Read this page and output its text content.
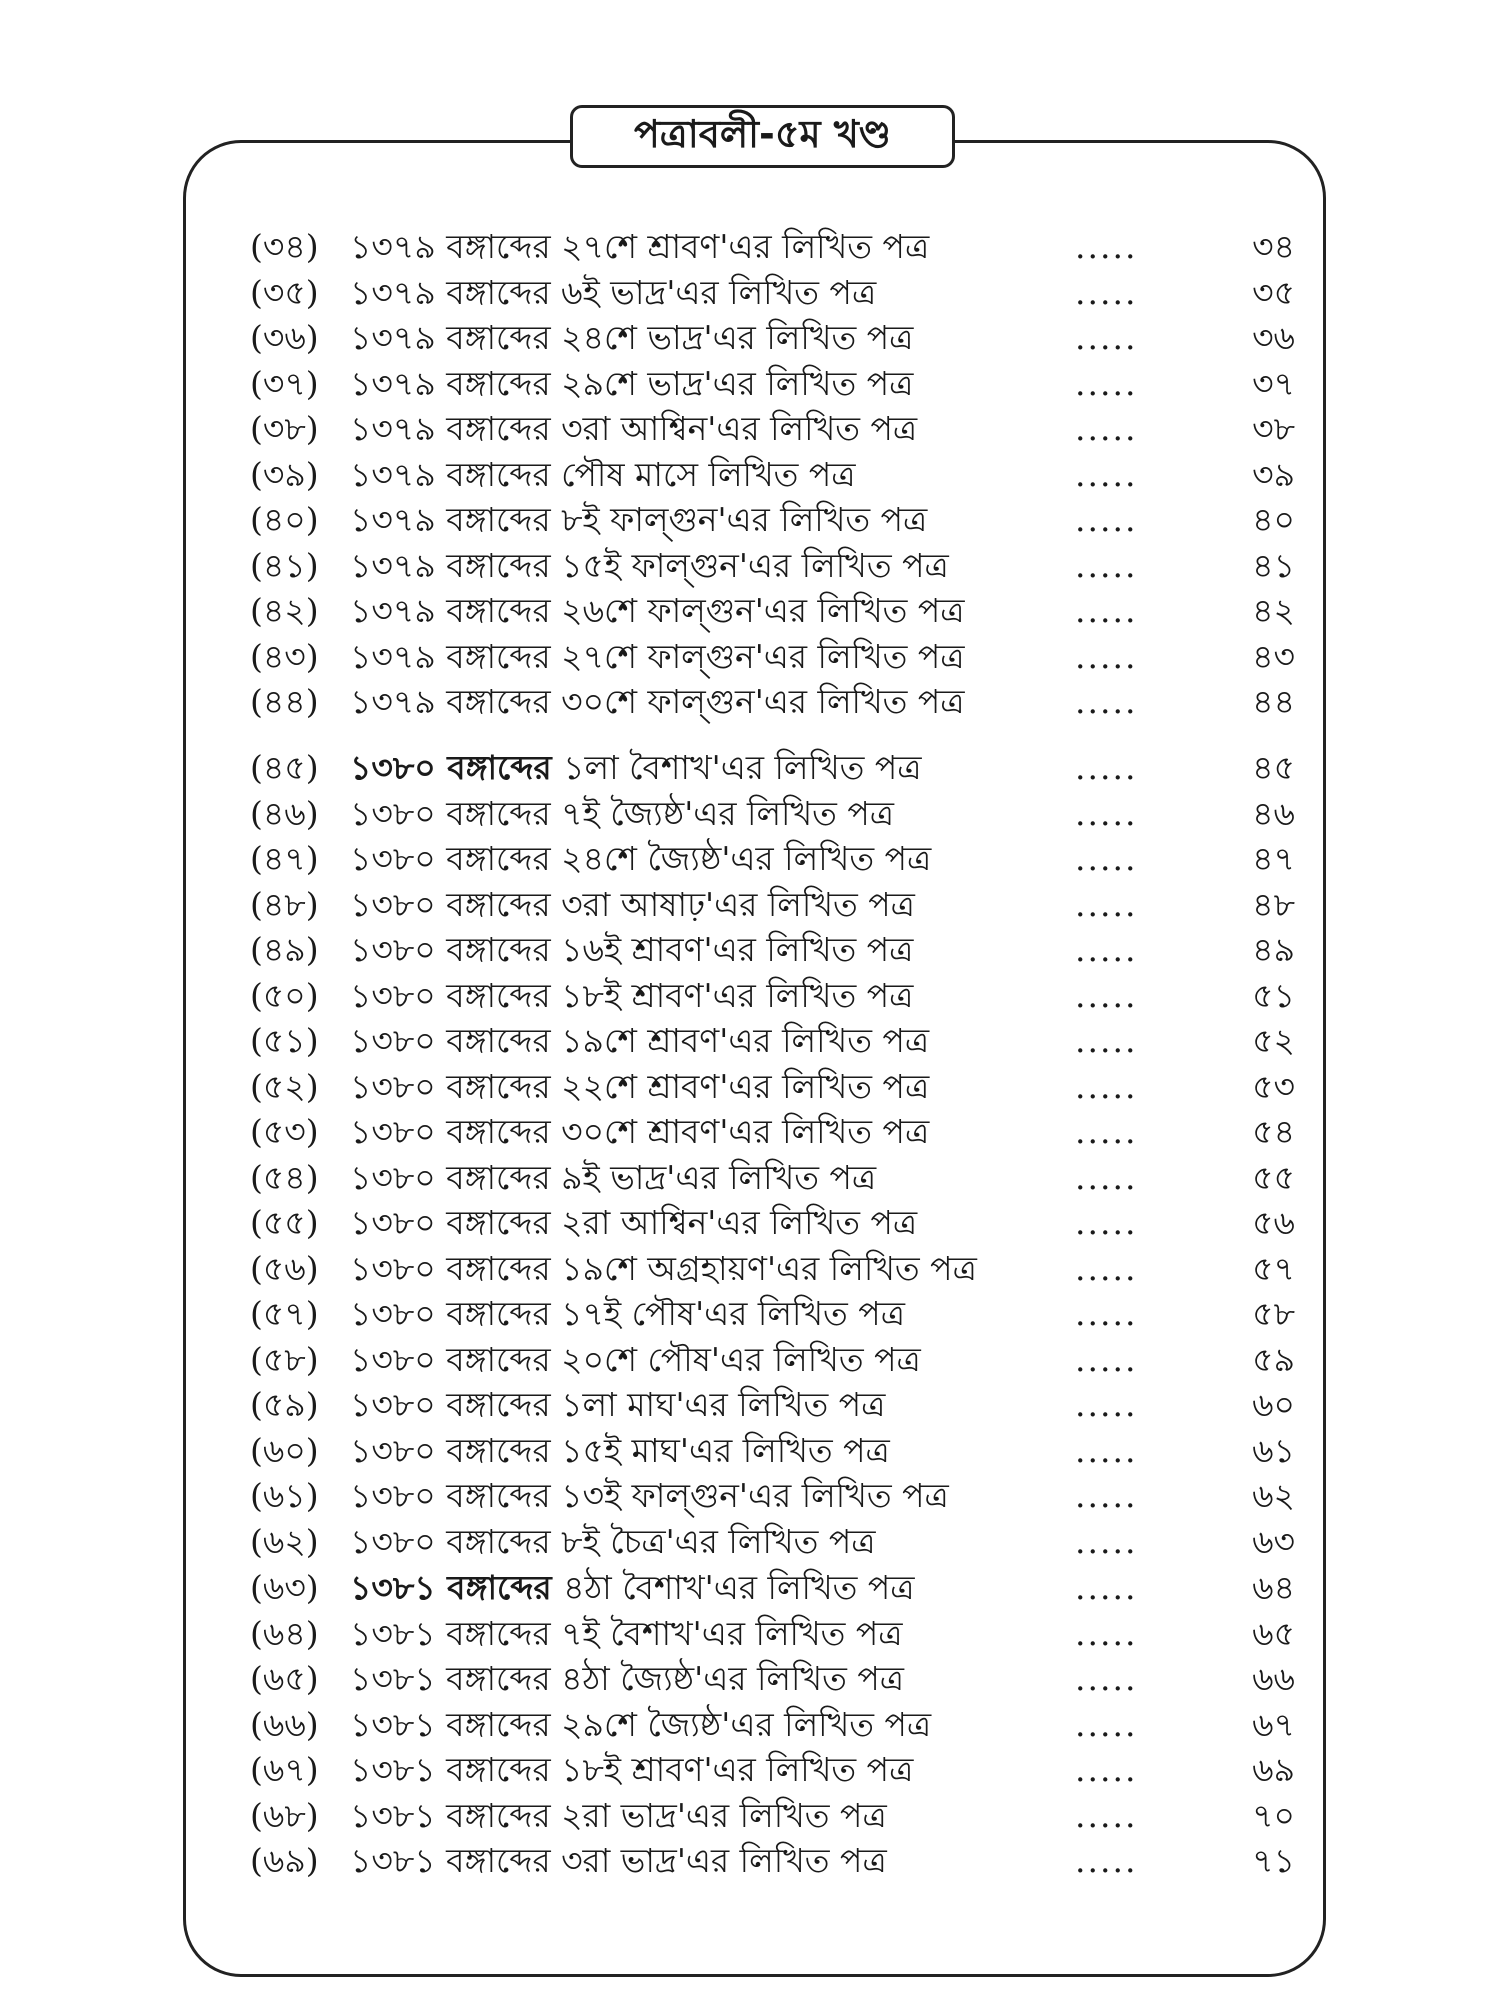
পত্রাবলী-৫ম খণ্ড
(৩৪) ১৩৭৯ বঙ্গাব্দের ২৭শে শ্রাবণ'এর লিখিত পত্র	.....	৩৪
(৩৫) ১৩৭৯ বঙ্গাব্দের ৬ই ভাদ্র'এর লিখিত পত্র	.....	৩৫
(৩৬) ১৩৭৯ বঙ্গাব্দের ২৪শে ভাদ্র'এর লিখিত পত্র	.....	৩৬
(৩৭) ১৩৭৯ বঙ্গাব্দের ২৯শে ভাদ্র'এর লিখিত পত্র	.....	৩৭
(৩৮) ১৩৭৯ বঙ্গাব্দের ৩রা আশ্বিন'এর লিখিত পত্র	.....	৩৮
(৩৯) ১৩৭৯ বঙ্গাব্দের পৌষ মাসে লিখিত পত্র	.....	৩৯
(৪০) ১৩৭৯ বঙ্গাব্দের ৮ই ফাল্গুন'এর লিখিত পত্র	.....	৪০
(৪১) ১৩৭৯ বঙ্গাব্দের ১৫ই ফাল্গুন'এর লিখিত পত্র	.....	৪১
(৪২) ১৩৭৯ বঙ্গাব্দের ২৬শে ফাল্গুন'এর লিখিত পত্র	.....	৪২
(৪৩) ১৩৭৯ বঙ্গাব্দের ২৭শে ফাল্গুন'এর লিখিত পত্র	.....	৪৩
(৪৪) ১৩৭৯ বঙ্গাব্দের ৩০শে ফাল্গুন'এর লিখিত পত্র	.....	৪৪
(৪৫) ১৩৮০ বঙ্গাব্দের ১লা বৈশাখ'এর লিখিত পত্র	.....	৪৫
(৪৬) ১৩৮০ বঙ্গাব্দের ৭ই জ্যৈষ্ঠ'এর লিখিত পত্র	.....	৪৬
(৪৭) ১৩৮০ বঙ্গাব্দের ২৪শে জ্যৈষ্ঠ'এর লিখিত পত্র	.....	৪৭
(৪৮) ১৩৮০ বঙ্গাব্দের ৩রা আষাঢ়'এর লিখিত পত্র	.....	৪৮
(৪৯) ১৩৮০ বঙ্গাব্দের ১৬ই শ্রাবণ'এর লিখিত পত্র	.....	৪৯
(৫০) ১৩৮০ বঙ্গাব্দের ১৮ই শ্রাবণ'এর লিখিত পত্র	.....	৫১
(৫১) ১৩৮০ বঙ্গাব্দের ১৯শে শ্রাবণ'এর লিখিত পত্র	.....	৫২
(৫২) ১৩৮০ বঙ্গাব্দের ২২শে শ্রাবণ'এর লিখিত পত্র	.....	৫৩
(৫৩) ১৩৮০ বঙ্গাব্দের ৩০শে শ্রাবণ'এর লিখিত পত্র	.....	৫৪
(৫৪) ১৩৮০ বঙ্গাব্দের ৯ই ভাদ্র'এর লিখিত পত্র	.....	৫৫
(৫৫) ১৩৮০ বঙ্গাব্দের ২রা আশ্বিন'এর লিখিত পত্র	.....	৫৬
(৫৬) ১৩৮০ বঙ্গাব্দের ১৯শে অগ্রহায়ণ'এর লিখিত পত্র	.....	৫৭
(৫৭) ১৩৮০ বঙ্গাব্দের ১৭ই পৌষ'এর লিখিত পত্র	.....	৫৮
(৫৮) ১৩৮০ বঙ্গাব্দের ২০শে পৌষ'এর লিখিত পত্র	.....	৫৯
(৫৯) ১৩৮০ বঙ্গাব্দের ১লা মাঘ'এর লিখিত পত্র	.....	৬০
(৬০) ১৩৮০ বঙ্গাব্দের ১৫ই মাঘ'এর লিখিত পত্র	.....	৬১
(৬১) ১৩৮০ বঙ্গাব্দের ১৩ই ফাল্গুন'এর লিখিত পত্র	.....	৬২
(৬২) ১৩৮০ বঙ্গাব্দের ৮ই চৈত্র'এর লিখিত পত্র	.....	৬৩
(৬৩) ১৩৮১ বঙ্গাব্দের ৪ঠা বৈশাখ'এর লিখিত পত্র	.....	৬৪
(৬৪) ১৩৮১ বঙ্গাব্দের ৭ই বৈশাখ'এর লিখিত পত্র	.....	৬৫
(৬৫) ১৩৮১ বঙ্গাব্দের ৪ঠা জ্যৈষ্ঠ'এর লিখিত পত্র	.....	৬৬
(৬৬) ১৩৮১ বঙ্গাব্দের ২৯শে জ্যৈষ্ঠ'এর লিখিত পত্র	.....	৬৭
(৬৭) ১৩৮১ বঙ্গাব্দের ১৮ই শ্রাবণ'এর লিখিত পত্র	.....	৬৯
(৬৮) ১৩৮১ বঙ্গাব্দের ২রা ভাদ্র'এর লিখিত পত্র	.....	৭০
(৬৯) ১৩৮১ বঙ্গাব্দের ৩রা ভাদ্র'এর লিখিত পত্র	.....	৭১
